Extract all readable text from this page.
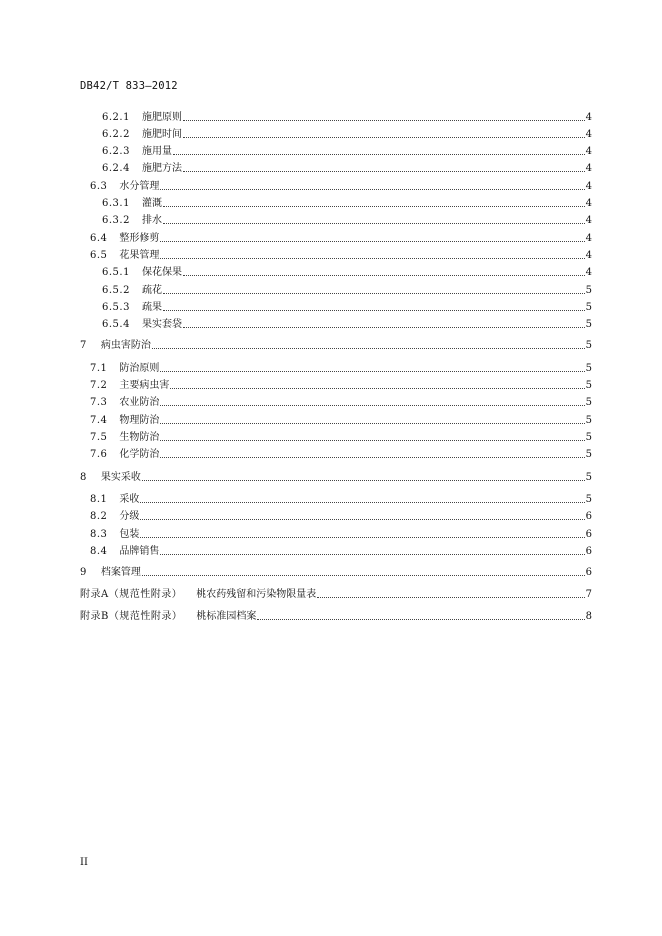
DB42/T 833—2012
6.2.1 施肥原则	4
6.2.2 施肥时间	4
6.2.3 施用量	4
6.2.4 施肥方法	4
6.3 水分管理	4
6.3.1 灌溉	4
6.3.2 排水	4
6.4 整形修剪	4
6.5 花果管理	4
6.5.1 保花保果	4
6.5.2 疏花	5
6.5.3 疏果	5
6.5.4 果实套袋	5
7 病虫害防治	5
7.1 防治原则	5
7.2 主要病虫害	5
7.3 农业防治	5
7.4 物理防治	5
7.5 生物防治	5
7.6 化学防治	5
8 果实采收	5
8.1 采收	5
8.2 分级	6
8.3 包装	6
8.4 品牌销售	6
9 档案管理	6
附录A（规范性附录） 桃农药残留和污染物限量表	7
附录B（规范性附录） 桃标准园档案	8
II
